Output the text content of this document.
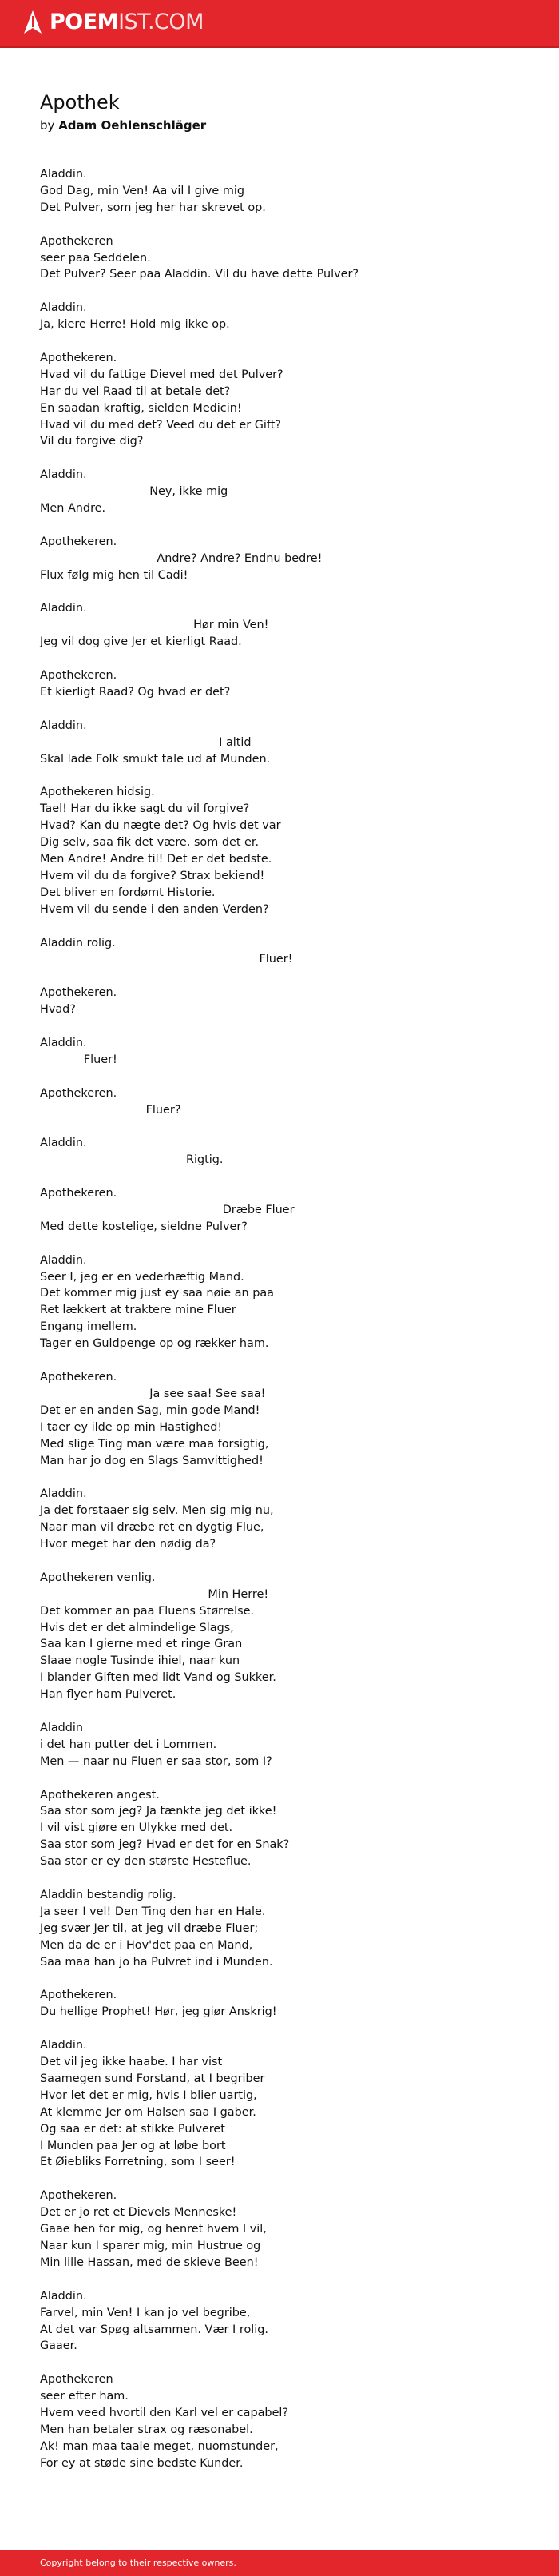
POEMIST.COM
Apothek
by Adam Oehlenschläger
Aladdin.
God Dag, min Ven! Aa vil I give mig
Det Pulver, som jeg her har skrevet op.
Apothekeren
seer paa Seddelen.
Det Pulver? Seer paa Aladdin. Vil du have dette Pulver?
Aladdin.
Ja, kiere Herre! Hold mig ikke op.
Apothekeren.
Hvad vil du fattige Dievel med det Pulver?
Har du vel Raad til at betale det?
En saadan kraftig, sielden Medicin!
Hvad vil du med det? Veed du det er Gift?
Vil du forgive dig?
Aladdin.
Ney, ikke mig
Men Andre.
Apothekeren.
Andre? Andre? Endnu bedre!
Flux følg mig hen til Cadi!
Aladdin.
Hør min Ven!
Jeg vil dog give Jer et kierligt Raad.
Apothekeren.
Et kierligt Raad? Og hvad er det?
Aladdin.
I altid
Skal lade Folk smukt tale ud af Munden.
Apothekeren hidsig.
Tael! Har du ikke sagt du vil forgive?
Hvad? Kan du nægte det? Og hvis det var
Dig selv, saa fik det være, som det er.
Men Andre! Andre til! Det er det bedste.
Hvem vil du da forgive? Strax bekiend!
Det bliver en fordømt Historie.
Hvem vil du sende i den anden Verden?
Aladdin rolig.
Fluer!
Apothekeren.
Hvad?
Aladdin.
Fluer!
Apothekeren.
Fluer?
Aladdin.
Rigtig.
Apothekeren.
Dræbe Fluer
Med dette kostelige, sieldne Pulver?
Aladdin.
Seer I, jeg er en vederhæftig Mand.
Det kommer mig just ey saa nøie an paa
Ret lækkert at traktere mine Fluer
Engang imellem.
Tager en Guldpenge op og rækker ham.
Apothekeren.
Ja see saa! See saa!
Det er en anden Sag, min gode Mand!
I taer ey ilde op min Hastighed!
Med slige Ting man være maa forsigtig,
Man har jo dog en Slags Samvittighed!
Aladdin.
Ja det forstaaer sig selv. Men sig mig nu,
Naar man vil dræbe ret en dygtig Flue,
Hvor meget har den nødig da?
Apothekeren venlig.
Min Herre!
Det kommer an paa Fluens Størrelse.
Hvis det er det almindelige Slags,
Saa kan I gierne med et ringe Gran
Slaae nogle Tusinde ihiel, naar kun
I blander Giften med lidt Vand og Sukker.
Han flyer ham Pulveret.
Aladdin
i det han putter det i Lommen.
Men — naar nu Fluen er saa stor, som I?
Apothekeren angest.
Saa stor som jeg? Ja tænkte jeg det ikke!
I vil vist giøre en Ulykke med det.
Saa stor som jeg? Hvad er det for en Snak?
Saa stor er ey den største Hesteflue.
Aladdin bestandig rolig.
Ja seer I vel! Den Ting den har en Hale.
Jeg svær Jer til, at jeg vil dræbe Fluer;
Men da de er i Hov'det paa en Mand,
Saa maa han jo ha Pulvret ind i Munden.
Apothekeren.
Du hellige Prophet! Hør, jeg giør Anskrig!
Aladdin.
Det vil jeg ikke haabe. I har vist
Saamegen sund Forstand, at I begriber
Hvor let det er mig, hvis I blier uartig,
At klemme Jer om Halsen saa I gaber.
Og saa er det: at stikke Pulveret
I Munden paa Jer og at løbe bort
Et Øiebliks Forretning, som I seer!
Apothekeren.
Det er jo ret et Dievels Menneske!
Gaae hen for mig, og henret hvem I vil,
Naar kun I sparer mig, min Hustrue og
Min lille Hassan, med de skieve Been!
Aladdin.
Farvel, min Ven! I kan jo vel begribe,
At det var Spøg altsammen. Vær I rolig.
Gaaer.
Apothekeren
seer efter ham.
Hvem veed hvortil den Karl vel er capabel?
Men han betaler strax og ræsonabel.
Ak! man maa taale meget, nuomstunder,
For ey at støde sine bedste Kunder.
Copyright belong to their respective owners.
